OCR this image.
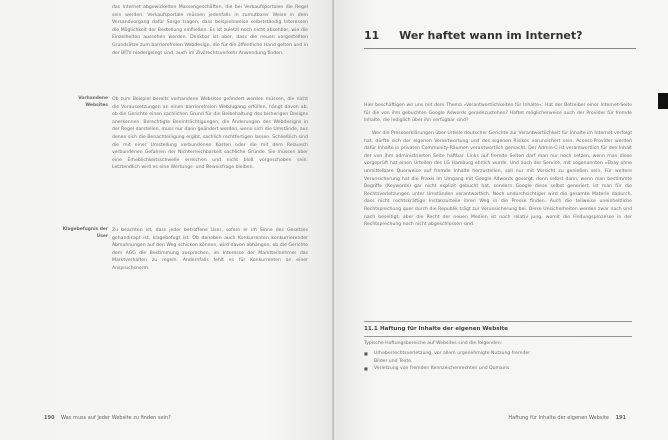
das Internet abgewickelten Massengeschäften, die bei Verkaufsportalen die Regel sein werden. Verkaufsportale müssen jedenfalls in zumutbarer Weise in dem Versandvorgang dafür Sorge tragen, dass beispielsweise selbstständig Interessen die Möglichkeit der Bestellung einfließen. Es ist zuletzt noch nicht absehbar, wie die Einzelheiten aussehen werden. Denkbar ist aber, dass die neuen vorgestellten Grundsätze zum barrierefreien Webdesign, die für die öffentliche Hand gelten und in der BITV niedergelegt sind, auch im Zivilrechtsverkehr Anwendung finden.

Vorhandene Websites

Ob zum Beispiel bereits vorhandene Websites geändert werden müssen, die nicht die Voraussetzungen an einen barrierefreien Webzugang erfüllen, hängt davon ab, ob die Gerichte einen sachlichen Grund für die Beibehaltung des bisherigen Designs anerkennen. Berechtigte Beeinträchtigungen, die Änderungen des Webdesigns in der Regel darstellen, muss nur dann geändert werden, wenn sich die Umstände, aus denen sich die Benachteiligung ergibt, sachlich rechtfertigen lassen. Schließlich sind die mit einer Umstellung verbundenen Kosten oder die mit dem Relaunch verbundenen Gefahren der Nichterreichbarkeit sachliche Gründe. Sie müssen aber eine Erheblichkeitsschwelle erreichen und nicht bloß vorgeschoben sein. Letztendlich wird es eine Wertungs- und Beweisfrage bleiben.

Klagebefugnis der User

Zu beachten ist, dass jeder betroffene User, sofern er im Sinne des Gesetzes gehandicapt ist, klagebefugt ist. Ob daneben auch Konkurrenten konkurrierender Abmahnungen auf den Weg schicken können, wird davon abhängen, ob die Gerichte dem AGG die Bestimmung zusprechen, im Interesse der Marktteilnehmer das Marktverhalten zu regeln. Andernfalls fehlt es für Konkurrenten an einer Anspruchsnorm.

190 Was muss auf jeder Website zu finden sein?
11 Wer haftet wann im Internet?

Hier beschäftigen wir uns mit dem Thema »Verantwortlichkeiten für Inhalte«: Hat der Betreiber einer Internet-Seite für die von ihm gebuchten Google Adwords geradezustehen? Haftet möglicherweise auch der Provider für fremde Inhalte, die lediglich über ihn verfügbar sind?

Wer die Presseerklärungen über Urteile deutscher Gerichte zur Verantwortlichkeit für Inhalte im Internet verfolgt hat, dürfte sich der eigenen Verantwortung und des eigenen Risikos verunsichert sein. Access-Provider werden dafür Inhalte in privaten Community-Räumen verantwortlich gemacht. Der Admin-C ist verantwortlich für den Inhalt der von ihm administrierten Seite haftbar. Links auf fremde Seiten darf man nur noch setzen, wenn man diese vorgeprüft hat einen Urteilen des LG Hamburg ehrlich wurde. Und auch der Service, mit sogenannten »Ebay ohne unmittelbare Querweise auf fremde Inhalte herzustellen, soll nur mit Vorsicht zu genießen sein. Für weitere Verunsicherung hat die Praxis im Umgang mit Google Adwords gesorgt, denn selbst dann, wenn man bestimmte Begriffe (Keywords) gar nicht explizit gebucht hat, sondern Google diese selbst generiert, ist man für die Rechtsverletzungen unter Umständen verantwortlich. Noch undurchsichtiger wird die gesamte Materie dadurch, dass nicht rechtskräftige Instanzurteile ihren Weg in die Presse finden. Auch die teilweise uneinheitliche Rechtsprechung quer durch die Republik trägt zur Verunsicherung bei. Diese Unsicherheiten werden zwar nach und nach beseitigt, aber die Recht der neuen Medien ist noch relativ jung, womit die Findungsprozesse in der Rechtsprechung noch nicht abgeschlossen sind.

11.1 Haftung für Inhalte der eigenen Website

Typische Haftungsbereiche auf Websites sind die folgenden:

■ Urheberrechtsverletzung, vor allem urgenehmigte Nutzung fremder
Bilder und Texte.
■ Verletzung von fremden Kennzeichenrechten und Domains
Haftung für Inhalte der eigenen Website 191
